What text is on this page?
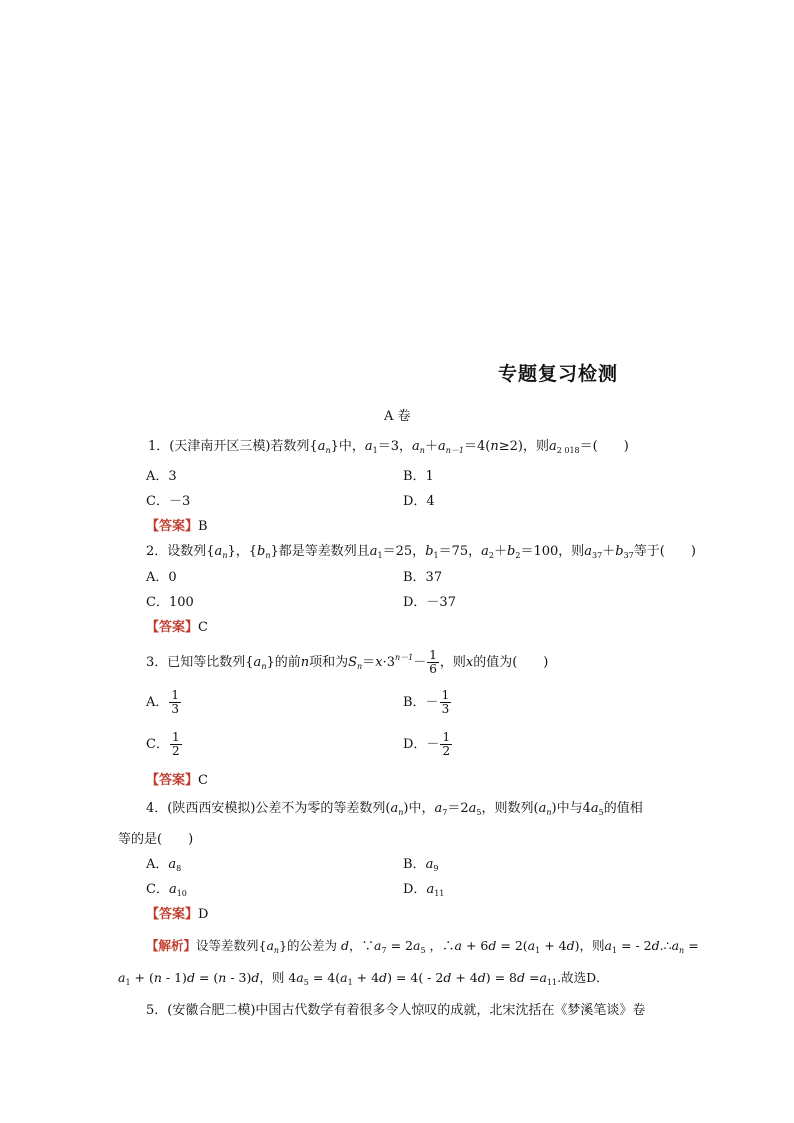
专题复习检测
A 卷
1．(天津南开区三模)若数列$\{a_n\}$中，$a_1=3$，$a_n+a_{n-1}=4(n\ge 2)$，则$a_{2 018}=$(　　)
A．3	B．1
C．－3	D．4
【答案】B
2．设数列$\{a_n\}$，$\{b_n\}$都是等差数列且$a_1=25$，$b_1=75$，$a_2+b_2=100$，则$a_{37}+b_{37}$等于(　　)
A．0	B．37
C．100	D．－37
【答案】C
3．已知等比数列$\{a_n\}$的前n项和为$S_n=x\cdot 3^{n-1}- \frac{1}{6}$ ，则x的值为(　　)
A． $\frac{1}{3}$	B．－ $\frac{1}{3}$
C． $\frac{1}{2}$	D．－ $\frac{1}{2}$
【答案】C
4．(陕西西安模拟)公差不为零的等差数列$(a_n)$中，$a_7=2a_5$，则数列$(a_n)$中与$4a_5$的值相
等的是(　　)
A．$a_8$	B．$a_9$
C．$a_{10}$	D．$a_{11}$
【答案】D
【解析】设等差数列$\{a_n\}$的公差为 d，$\because a_7 = 2a_5$ ，∴a + $6d = 2(a_1 + 4d)$，则$a_1$ = - $2d.\therefore a_n$ =
$a_1 + (n - 1)d = (n - 3)d$，则 $4a_5 = 4(a_1 + 4d) = 4( - 2d + 4d) = 8d =a_{11}$.故选D．
5．(安徽合肥二模)中国古代数学有着很多令人惊叹的成就，北宋沈括在《梦溪笔谈》卷
